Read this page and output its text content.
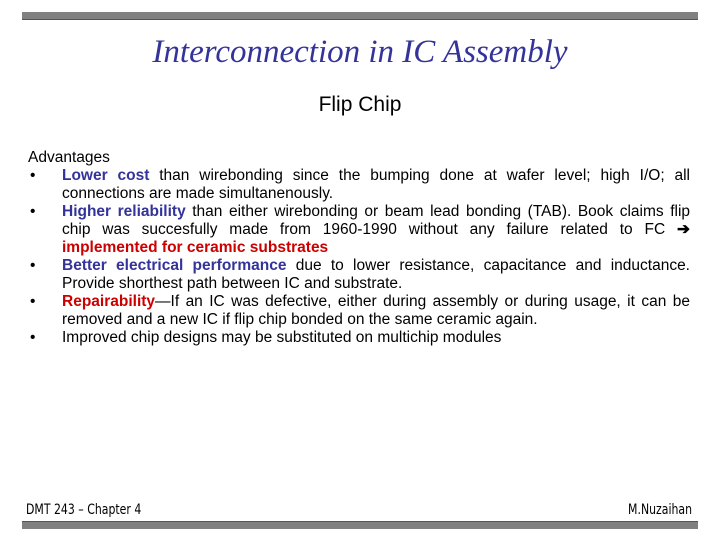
Interconnection in IC Assembly
Flip Chip

Advantages

• Lower cost than wirebonding since the bumping done at wafer level; high I/O; all connections are made simultanenously.
• Higher reliability than either wirebonding or beam lead bonding (TAB). Book claims flip chip was succesfully made from 1960-1990 without any failure related to FC ➔ implemented for ceramic substrates
• Better electrical performance due to lower resistance, capacitance and inductance. Provide shorthest path between IC and substrate.
• Repairability—If an IC was defective, either during assembly or during usage, it can be removed and a new IC if flip chip bonded on the same ceramic again.
• Improved chip designs may be substituted on multichip modules
DMT 243 – Chapter 4	M.Nuzaihan
